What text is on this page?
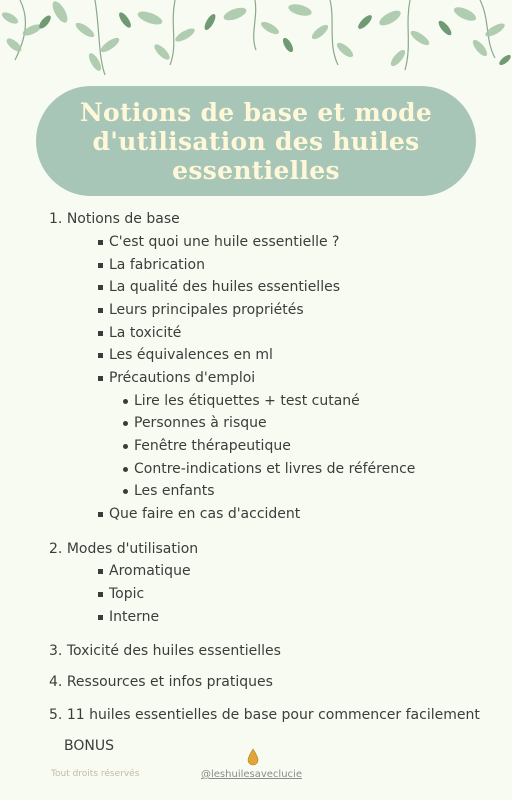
Notions de base et mode d'utilisation des huiles essentielles
1. Notions de base
C'est quoi une huile essentielle ?
La fabrication
La qualité des huiles essentielles
Leurs principales propriétés
La toxicité
Les équivalences en ml
Précautions d'emploi
Lire les étiquettes + test cutané
Personnes à risque
Fenêtre thérapeutique
Contre-indications et livres de référence
Les enfants
Que faire en cas d'accident
2. Modes d'utilisation
Aromatique
Topic
Interne
3. Toxicité des huiles essentielles
4. Ressources et infos pratiques
5. 11 huiles essentielles de base pour commencer facilement
BONUS
Tout droits réservés	@leshuilesaveclucie
